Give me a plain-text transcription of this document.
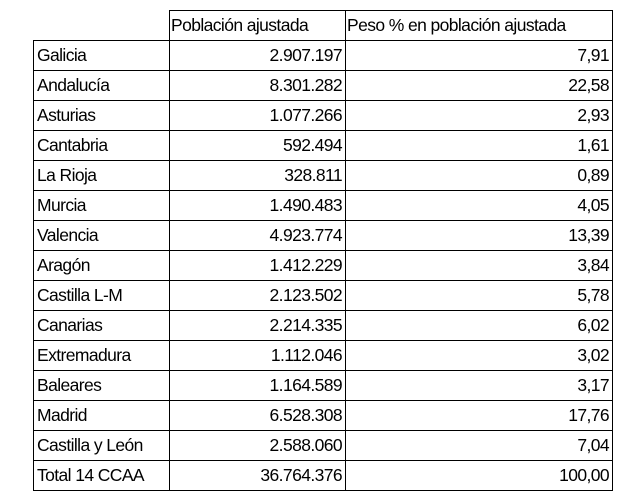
	Población ajustada	Peso % en población ajustada
Galicia	2.907.197	7,91
Andalucía	8.301.282	22,58
Asturias	1.077.266	2,93
Cantabria	592.494	1,61
La Rioja	328.811	0,89
Murcia	1.490.483	4,05
Valencia	4.923.774	13,39
Aragón	1.412.229	3,84
Castilla L-M	2.123.502	5,78
Canarias	2.214.335	6,02
Extremadura	1.112.046	3,02
Baleares	1.164.589	3,17
Madrid	6.528.308	17,76
Castilla y León	2.588.060	7,04
Total 14 CCAA	36.764.376	100,00
